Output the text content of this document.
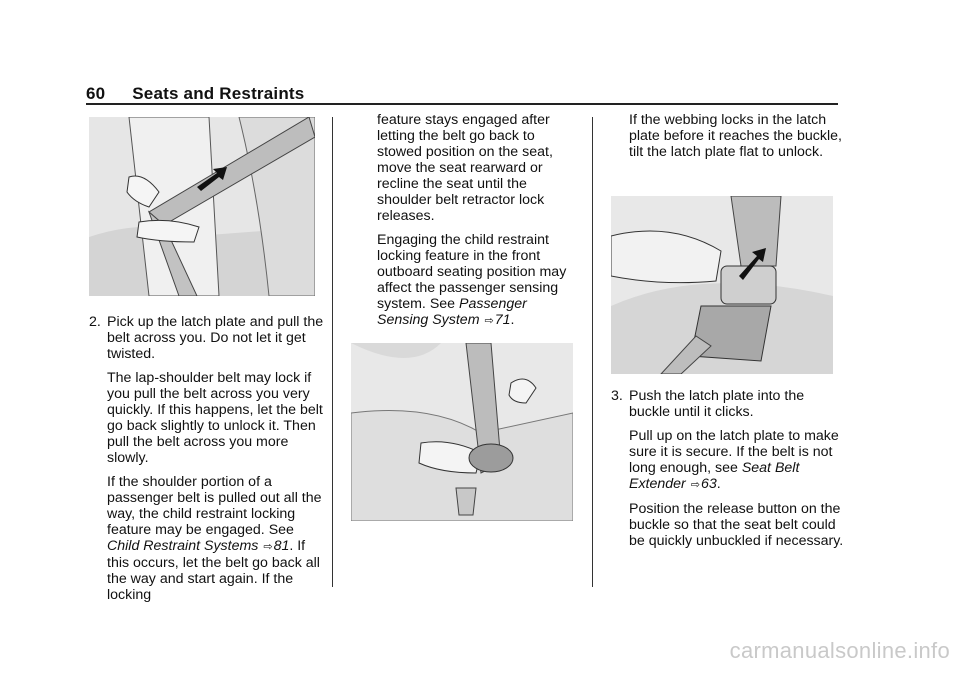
60 Seats and Restraints
2. Pick up the latch plate and pull the belt across you. Do not let it get twisted.

The lap-shoulder belt may lock if you pull the belt across you very quickly. If this happens, let the belt go back slightly to unlock it. Then pull the belt across you more slowly.

If the shoulder portion of a passenger belt is pulled out all the way, the child restraint locking feature may be engaged. See Child Restraint Systems ⇨81. If this occurs, let the belt go back all the way and start again. If the locking

feature stays engaged after letting the belt go back to stowed position on the seat, move the seat rearward or recline the seat until the shoulder belt retractor lock releases.

Engaging the child restraint locking feature in the front outboard seating position may affect the passenger sensing system. See Passenger Sensing System ⇨71.

If the webbing locks in the latch plate before it reaches the buckle, tilt the latch plate flat to unlock.

3. Push the latch plate into the buckle until it clicks.

Pull up on the latch plate to make sure it is secure. If the belt is not long enough, see Seat Belt Extender ⇨63.

Position the release button on the buckle so that the seat belt could be quickly unbuckled if necessary.

carmanualsonline.info
